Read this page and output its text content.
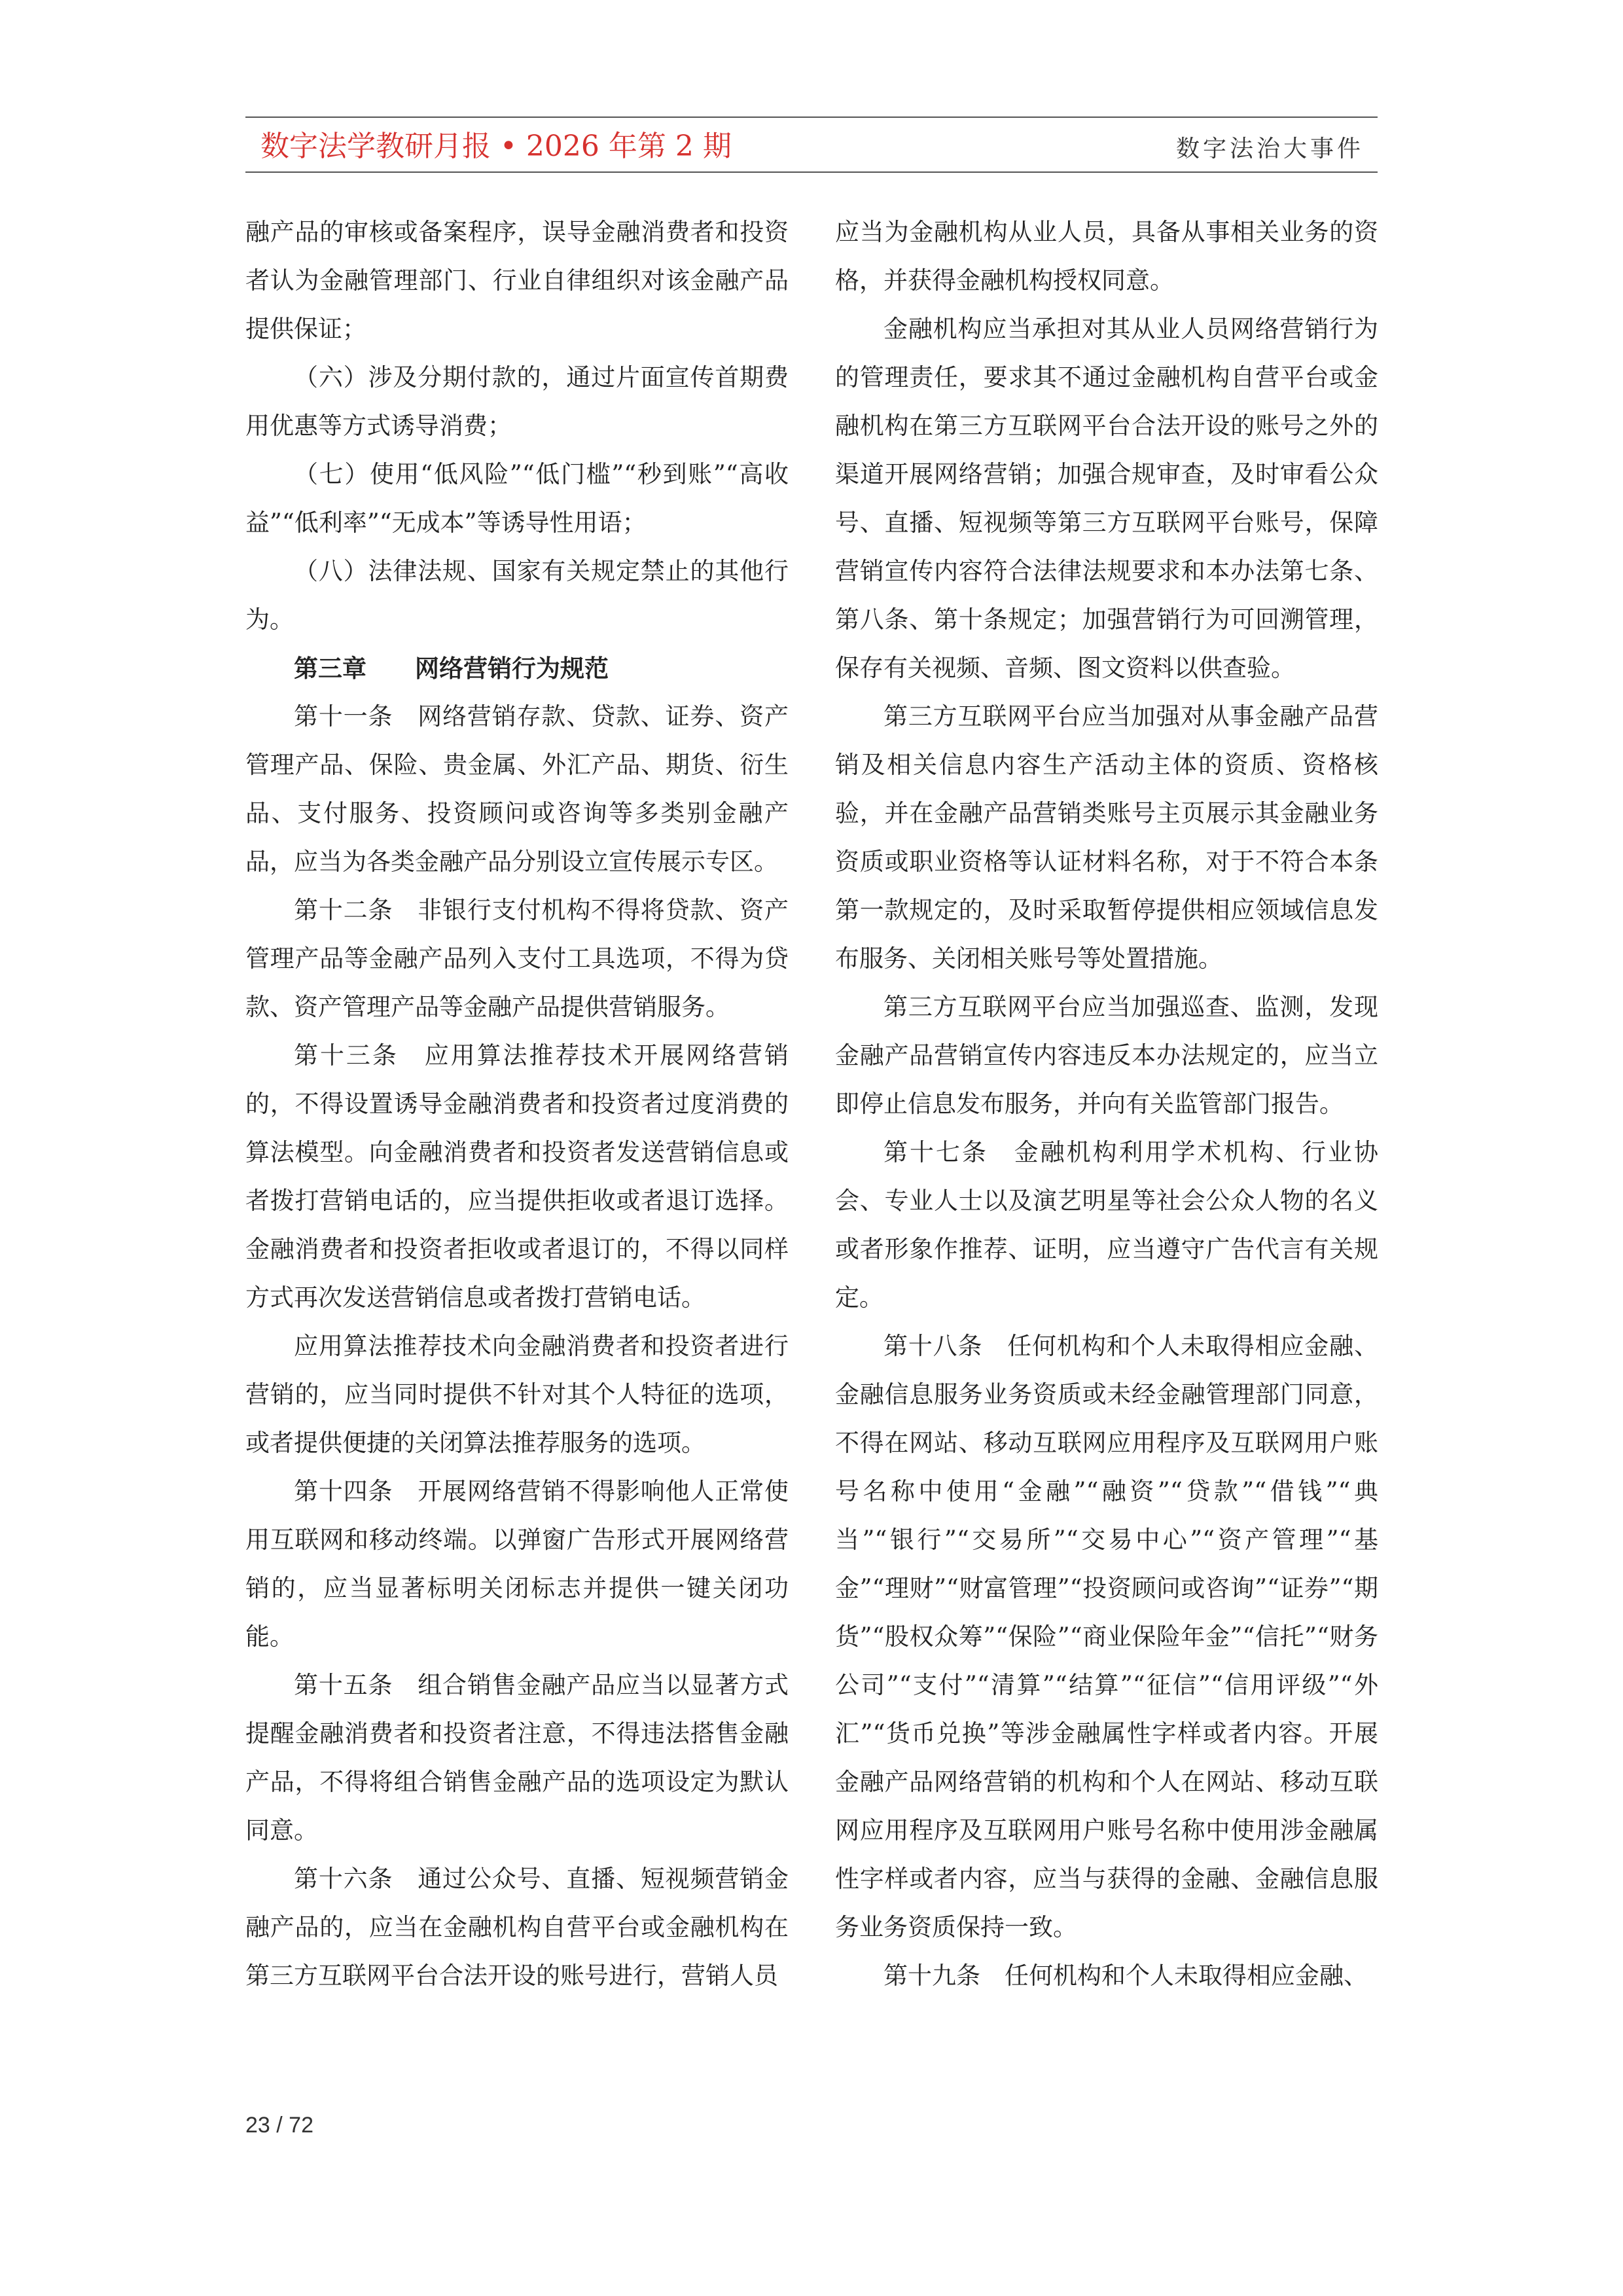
数字法学教研月报 • 2026 年第 2 期	数字法治大事件

融产品的审核或备案程序，误导金融消费者和投资者认为金融管理部门、行业自律组织对该金融产品提供保证；

（六）涉及分期付款的，通过片面宣传首期费用优惠等方式诱导消费；

（七）使用“低风险”“低门槛”“秒到账”“高收益”“低利率”“无成本”等诱导性用语；

（八）法律法规、国家有关规定禁止的其他行为。

第三章　　网络营销行为规范

第十一条　网络营销存款、贷款、证券、资产管理产品、保险、贵金属、外汇产品、期货、衍生品、支付服务、投资顾问或咨询等多类别金融产品，应当为各类金融产品分别设立宣传展示专区。

第十二条　非银行支付机构不得将贷款、资产管理产品等金融产品列入支付工具选项，不得为贷款、资产管理产品等金融产品提供营销服务。

第十三条　应用算法推荐技术开展网络营销的，不得设置诱导金融消费者和投资者过度消费的算法模型。向金融消费者和投资者发送营销信息或者拨打营销电话的，应当提供拒收或者退订选择。金融消费者和投资者拒收或者退订的，不得以同样方式再次发送营销信息或者拨打营销电话。

应用算法推荐技术向金融消费者和投资者进行营销的，应当同时提供不针对其个人特征的选项，或者提供便捷的关闭算法推荐服务的选项。

第十四条　开展网络营销不得影响他人正常使用互联网和移动终端。以弹窗广告形式开展网络营销的，应当显著标明关闭标志并提供一键关闭功能。

第十五条　组合销售金融产品应当以显著方式提醒金融消费者和投资者注意，不得违法搭售金融产品，不得将组合销售金融产品的选项设定为默认同意。

第十六条　通过公众号、直播、短视频营销金融产品的，应当在金融机构自营平台或金融机构在第三方互联网平台合法开设的账号进行，营销人员

应当为金融机构从业人员，具备从事相关业务的资格，并获得金融机构授权同意。

金融机构应当承担对其从业人员网络营销行为的管理责任，要求其不通过金融机构自营平台或金融机构在第三方互联网平台合法开设的账号之外的渠道开展网络营销；加强合规审查，及时审看公众号、直播、短视频等第三方互联网平台账号，保障营销宣传内容符合法律法规要求和本办法第七条、第八条、第十条规定；加强营销行为可回溯管理，保存有关视频、音频、图文资料以供查验。

第三方互联网平台应当加强对从事金融产品营销及相关信息内容生产活动主体的资质、资格核验，并在金融产品营销类账号主页展示其金融业务资质或职业资格等认证材料名称，对于不符合本条第一款规定的，及时采取暂停提供相应领域信息发布服务、关闭相关账号等处置措施。

第三方互联网平台应当加强巡查、监测，发现金融产品营销宣传内容违反本办法规定的，应当立即停止信息发布服务，并向有关监管部门报告。

第十七条　金融机构利用学术机构、行业协会、专业人士以及演艺明星等社会公众人物的名义或者形象作推荐、证明，应当遵守广告代言有关规定。

第十八条　任何机构和个人未取得相应金融、金融信息服务业务资质或未经金融管理部门同意，不得在网站、移动互联网应用程序及互联网用户账号名称中使用“金融”“融资”“贷款”“借钱”“典当”“银行”“交易所”“交易中心”“资产管理”“基金”“理财”“财富管理”“投资顾问或咨询”“证券”“期货”“股权众筹”“保险”“商业保险年金”“信托”“财务公司”“支付”“清算”“结算”“征信”“信用评级”“外汇”“货币兑换”等涉金融属性字样或者内容。开展金融产品网络营销的机构和个人在网站、移动互联网应用程序及互联网用户账号名称中使用涉金融属性字样或者内容，应当与获得的金融、金融信息服务业务资质保持一致。

第十九条　任何机构和个人未取得相应金融、

23 / 72
